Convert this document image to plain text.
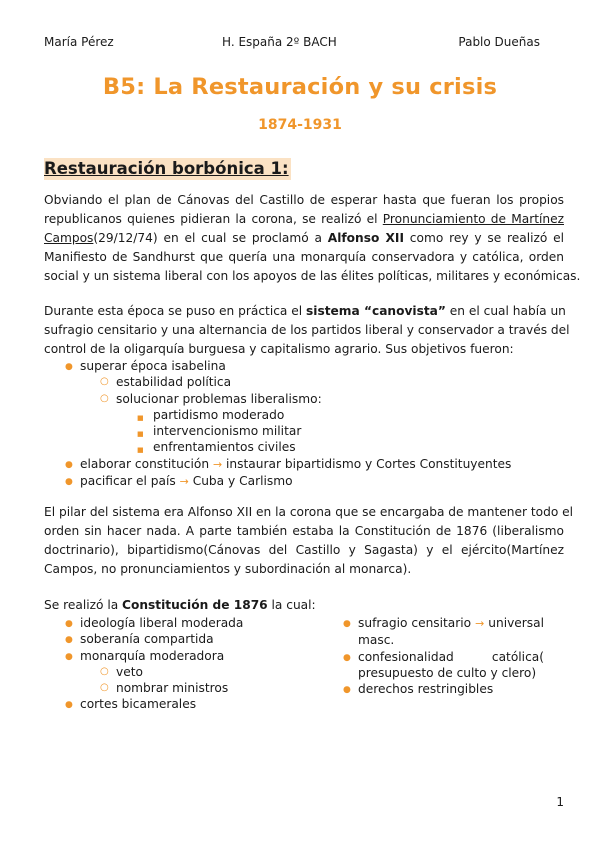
María Pérez	H. España 2º BACH	Pablo Dueñas
B5: La Restauración y su crisis
1874-1931
Restauración borbónica 1:
Obviando el plan de Cánovas del Castillo de esperar hasta que fueran los propios
republicanos quienes pidieran la corona, se realizó el Pronunciamiento de Martínez
Campos(29/12/74) en el cual se proclamó a Alfonso XII como rey y se realizó el
Manifiesto de Sandhurst que quería una monarquía conservadora y católica, orden
social y un sistema liberal con los apoyos de las élites políticas, militares y económicas.
Durante esta época se puso en práctica el sistema “canovista” en el cual había un
sufragio censitario y una alternancia de los partidos liberal y conservador a través del
control de la oligarquía burguesa y capitalismo agrario. Sus objetivos fueron:
● superar época isabelina
○ estabilidad política
○ solucionar problemas liberalismo:
■ partidismo moderado
■ intervencionismo militar
■ enfrentamientos civiles
● elaborar constitución → instaurar bipartidismo y Cortes Constituyentes
● pacificar el país → Cuba y Carlismo
El pilar del sistema era Alfonso XII en la corona que se encargaba de mantener todo el
orden sin hacer nada. A parte también estaba la Constitución de 1876 (liberalismo
doctrinario), bipartidismo(Cánovas del Castillo y Sagasta) y el ejército(Martínez
Campos, no pronunciamientos y subordinación al monarca).
Se realizó la Constitución de 1876 la cual:
● ideología liberal moderada
● soberanía compartida
● monarquía moderadora
○ veto
○ nombrar ministros
● cortes bicamerales
● sufragio censitario → universal
masc.
● confesionalidad católica(
presupuesto de culto y clero)
● derechos restringibles
1
